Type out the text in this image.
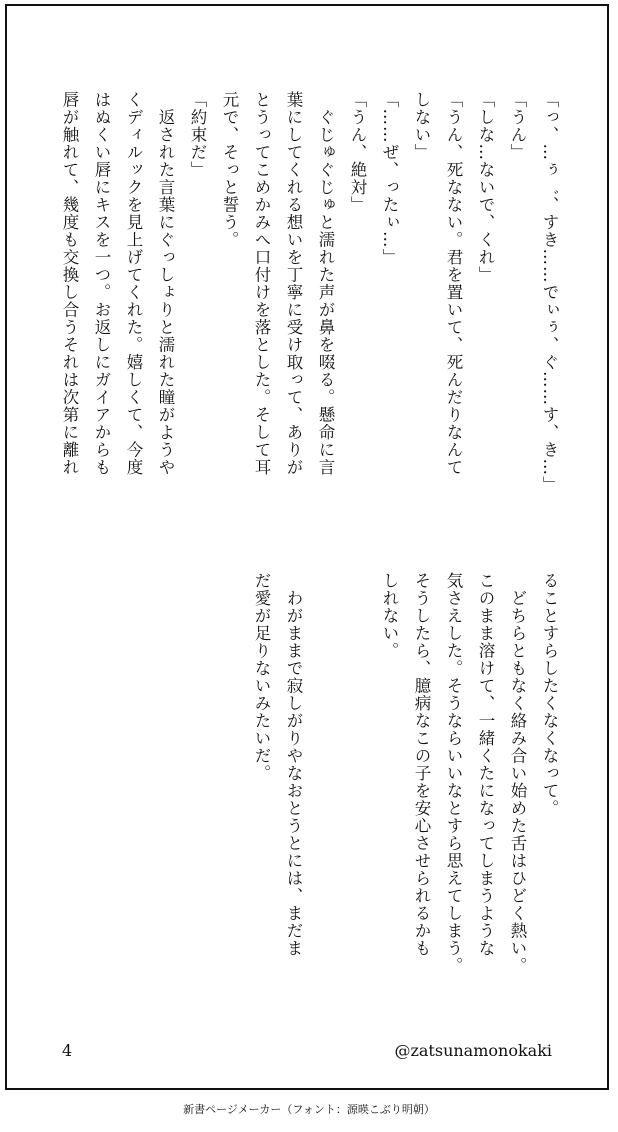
「っ、…ぅ゛、すき……でぃぅ、ぐ……す、き…」
「うん」
「しな…ないで、くれ」
「うん、死なない。君を置いて、死んだりなんて
しない」
「……ぜ、ったぃ…」
「うん、絶対」
　ぐじゅぐじゅと濡れた声が鼻を啜る。懸命に言
葉にしてくれる想いを丁寧に受け取って、ありが
とうってこめかみへ口付けを落とした。そして耳
元で、そっと誓う。
「約束だ」
　返された言葉にぐっしょりと濡れた瞳がようや
くディルックを見上げてくれた。嬉しくて、今度
はぬくい唇にキスを一つ。お返しにガイアからも
唇が触れて、幾度も交換し合うそれは次第に離れ
ることすらしたくなくなって。
　どちらともなく絡み合い始めた舌はひどく熱い。
このまま溶けて、一緒くたになってしまうような
気さえした。そうならいいなとすら思えてしまう。
そうしたら、臆病なこの子を安心させられるかも
しれない。

　わがままで寂しがりやなおとうとには、まだま
だ愛が足りないみたいだ。
4	@zatsunamonokaki
新書ページメーカー（フォント：源暎こぶり明朝）
